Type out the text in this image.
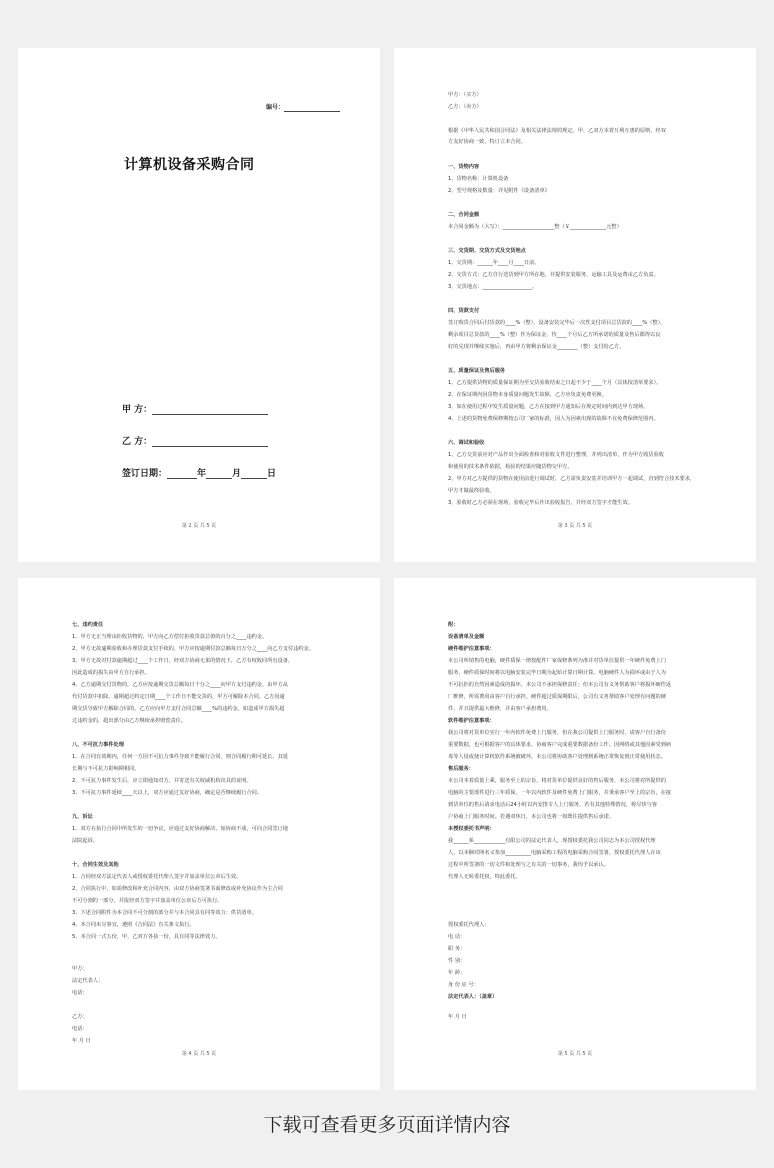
编号：
计算机设备采购合同
甲 方：
乙 方：
签订日期：	年	月	日
第 2 页 共 5 页
甲方：（买方）
乙方：（卖方）
根据《中华人民共和国合同法》及相关法律法规的规定，甲、乙双方本着互利互惠的原则，经双
方友好协商一致，特订立本合同。
一、货物内容
1、货物名称：计算机设备
2、型号规格及数量：详见附件《设备清单》
二、合同金额
本合同金额为（大写）：____________________整（￥______________元整）
三、交货期、交货方式及交货地点
1、交货期：______年____月____日前。
2、交货方式：乙方自行送货到甲方所在地，并提供安装服务，运输工具及运费由乙方负责。
3、交货地点：___________________。
四、货款支付
签订购货合同后付货款的____%（整），设备安装完毕后一次性支付项目总货款的____%（整），
剩余项目总货款的____%（整）作为保证金，待____个月后乙方所承诺的质量及售后都得以良
好的兑现并继续实施后，再由甲方将剩余保证金________（整）支付给乙方。
五、质量保证及售后服务
1、乙方提供货物的质量保证期为至交货验收结束之日起不少于____个月（具体按清单要求）。
2、在保证期内因货物本身质量问题发生故障，乙方应负责免费更换。
3、如在使用过程中发生质量问题，乙方在接到甲方通知后在规定时间内到达甲方现场。
4、上述的货物免费保修期按公司厂家的标准，因人为因素出现的故障不在免费保修范围内。
六、调试和验收
1、乙方交货前应对产品作出全面检查和对验收文件进行整理，并列出清单，作为甲方收货验收
和使用的技术条件依据，检验的结果应随货物交甲方。
2、甲方对乙方提供的货物在使用前进行调试时，乙方需负责安装并培训甲方一起调试，直到符合技术要求，
甲方才做最终验收。
3、验收时乙方必须在现场，验收完毕后作出验收报告，并经双方签字才能生效。
第 3 页 共 5 页
七、违约责任
1、甲方无正当理由拒收货物的，甲方向乙方偿付拒收货款总值的百分之____违约金。
2、甲方无故逾期验收和办理货款支付手续的，甲方应按逾期付款总额每日万分之____向乙方支付违约金。
3、甲方无故对付款逾期超过____个工作日，经双方协商无果的情况下，乙方有权收回所有设备，
因此造成的损失由甲方自行承担。
4、乙方逾期交付货物的，乙方应按逾期交货总额每日千分之____向甲方支付违约金，由甲方从
代付货款中扣除。逾期超过约定日期____个工作日不能交货的，甲方可解除本合同。乙方因逾
期交货导致甲方解除合同的，乙方应向甲方支付合同总额____%的违约金，如造成甲方损失超
过违约金的，超出部分由乙方继续承担赔偿责任。
八、不可抗力事件处理
1、在合同有效期内，任何一方因不可抗力事件导致不能履行合同，则合同履行期可延长，其延
长期与不可抗力影响期相同。
2、不可抗力事件发生后，应立即通知对方，并寄送有关权威机构出具的证明。
3、不可抗力事件延续____天以上，双方应通过友好协商，确定是否继续履行合同。
九、诉讼
1、双方在执行合同中所发生的一切争议，应通过友好协商解决，如协商不成，可向合同签订地
法院起诉。
十、合同生效及其他
1、合同经双方法定代表人或授权委托代理人签字并加盖单位公章后生效。
2、合同执行中，如需修改和补充合同内容，由双方协商签署书面修改或补充协议作为主合同
不可分割的一部分，并报经双方签字并加盖单位公章后方可执行。
3、下述合同附件为本合同不可分割的部分并与本合同具有同等效力：供货清单。
4、本合同未尽事宜，遵照《合同法》有关条文执行。
5、本合同一式五份，甲、乙双方各执一份，具有同等法律效力。
甲方：
法定代表人：
电话：
乙方：
电话：
年 月 日
第 4 页 共 5 页
附：
设备清单及金额
硬件维护注意事项：
本公司所销售的电脑，硬件质保一律按配件厂家保修条列为准并对货单位提供一年硬件免费上门
服务，硬件质保时间将以电脑安装完毕日期为起始计算日期计算。电脑硬件人为损坏或由于人为
不可抗拒的自然因素造成的损坏，本公司不承担保修责任；但本公司有义务帮助客户将损坏硬件返
厂维修，所需费用由客户自行承担。硬件超过质保期限后，公司有义务帮助客户处理有问题的硬
件，并且提供最大维修，并由客户承担费用。
软件维护注意事项：
我公司将对货单位实行一年内软件免费上门服务，但在我公司提供上门服务时，请客户自行备份
重要数据，也可根据客户的具体要求，协商客户完成重要数据备份工作。因网络或其他因素受到病
毒等人侵或使计算机软件系统被破坏，本公司将协助客户处理到系统正常恢复到正常使用状态。
售后服务：
本公司本着质量上乘，服务至上的宗旨，将对货单位提供良好的售后服务，本公司将对所提供的
电脑的主要部件进行三年质保，一年以内软件及硬件免费上门服务，并秉承客户至上的宗旨，在接
到货单位的售后请求电话后24小时以内安排专人上门服务，若有其他特殊情况，将尽快与客
户协商上门服务时间。若遇双休日，本公司也将一如既往提供售后承诺。
本授权委托书声明：
我______系____________有限公司的法定代表人，现授权委托我公司同志为本公司授权代理
人，以本捆对网名义参加__________电脑采购工程的电脑采购合同签署，授权委托代理人在该
过程中所签署的一切文件和处理与之有关的一切事务，我均予以承认。
代理人无转委托权，特此委托。
授权委托代理人：
电 话：
职 务：
性 别：
年 龄：
身 份 证 号：
法定代表人：（盖章）
年 月 日
第 5 页 共 5 页
下载可查看更多页面详情内容
